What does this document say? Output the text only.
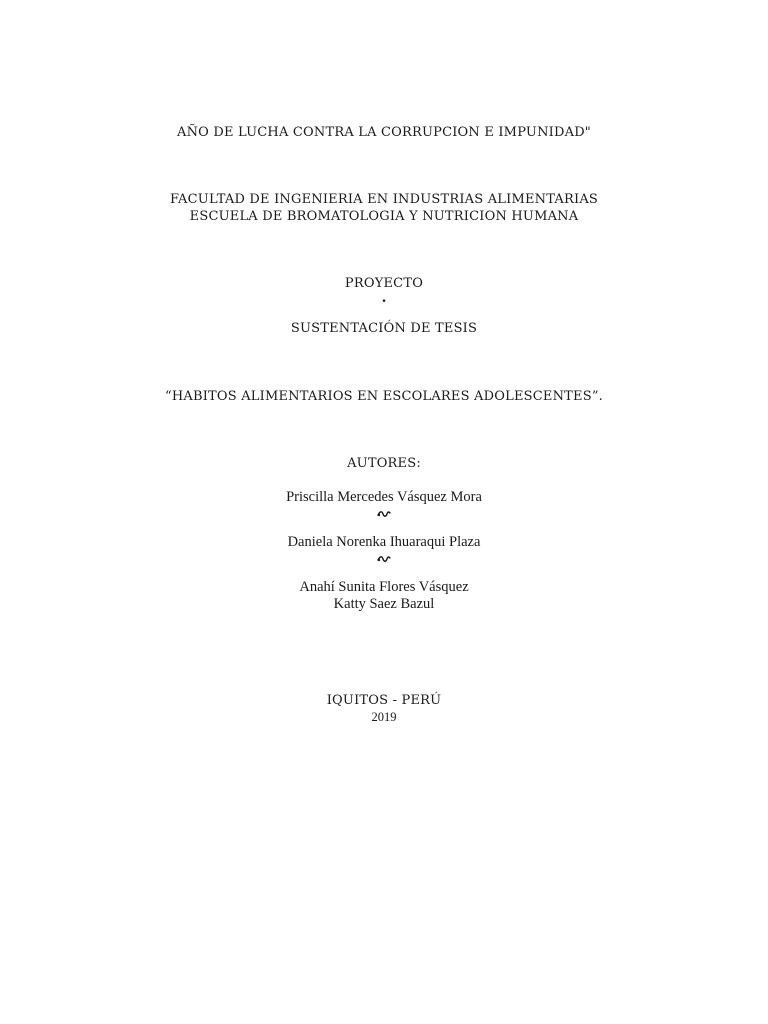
AÑO DE LUCHA CONTRA LA CORRUPCION E IMPUNIDAD"
FACULTAD DE INGENIERIA EN INDUSTRIAS ALIMENTARIAS
ESCUELA DE BROMATOLOGIA Y NUTRICION HUMANA
PROYECTO
•
SUSTENTACIÓN DE TESIS
“HABITOS ALIMENTARIOS EN ESCOLARES ADOLESCENTES”.
AUTORES:
Priscilla Mercedes Vásquez Mora
Daniela Norenka Ihuaraqui Plaza
Anahí Sunita Flores Vásquez
Katty Saez Bazul
IQUITOS - PERÚ
2019
